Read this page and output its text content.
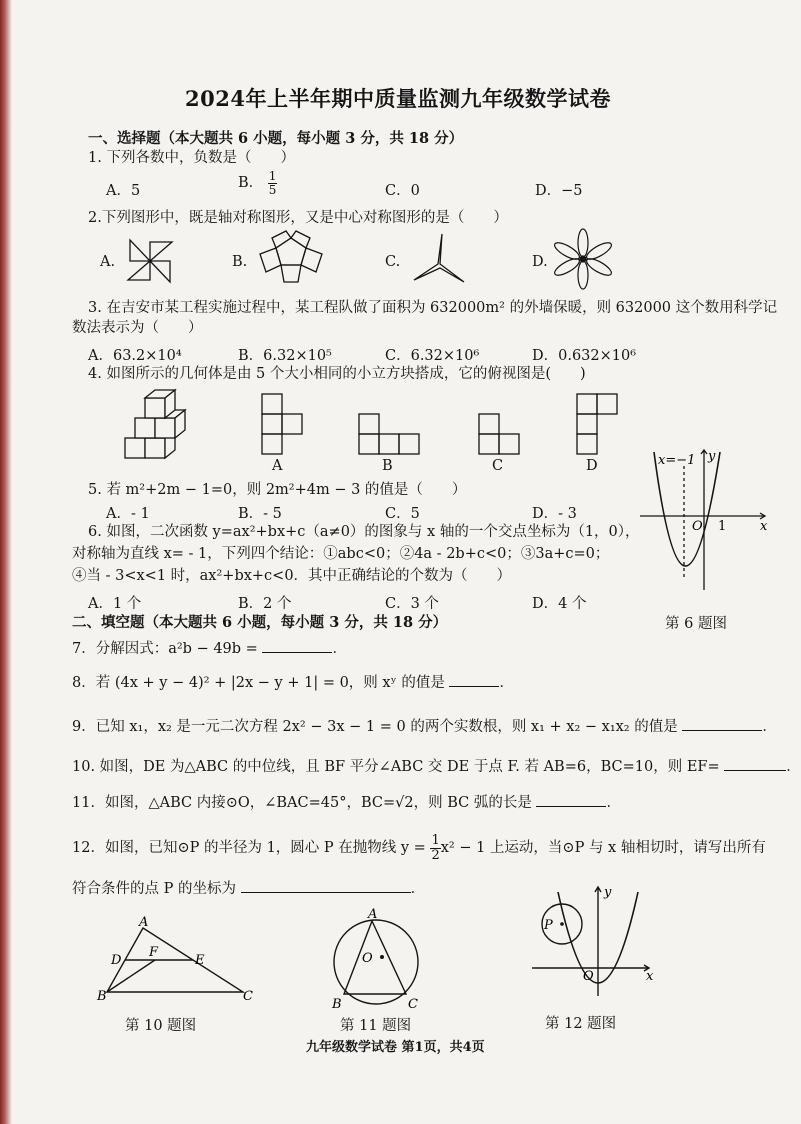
2024年上半年期中质量监测九年级数学试卷
一、选择题（本大题共 6 小题，每小题 3 分，共 18 分）
1. 下列各数中，负数是（　　）
A．5	B． $\frac{1}{5}$	C．0	D．−5
2.下列图形中，既是轴对称图形，又是中心对称图形的是（　　）
A.	B.	C.	D.
3. 在吉安市某工程实施过程中，某工程队做了面积为 632000m² 的外墙保暖，则 632000 这个数用科学记
数法表示为（　　）
A．63.2×10⁴	B．6.32×10⁵	C．6.32×10⁶	D．0.632×10⁶
4. 如图所示的几何体是由 5 个大小相同的小立方块搭成，它的俯视图是(　　)
A	B	C	D
5. 若 m²+2m − 1=0，则 2m²+4m − 3 的值是（　　）
A．- 1	B．- 5	C．5	D．- 3
6. 如图，二次函数 y=ax²+bx+c（a≠0）的图象与 x 轴的一个交点坐标为（1，0），
对称轴为直线 x= - 1，下列四个结论：①abc<0；②4a - 2b+c<0；③3a+c=0；
④当 - 3<x<1 时，ax²+bx+c<0．其中正确结论的个数为（　　）
A．1 个	B．2 个	C．3 个	D．4 个
x=−1 y
x
O 1
第 6 题图
二、填空题（本大题共 6 小题，每小题 3 分，共 18 分）
7．分解因式：a²b − 49b =	．
8．若 (4x + y − 4)² + |2x − y + 1| = 0，则 xʸ 的值是	．
9．已知 x₁，x₂ 是一元二次方程 2x² − 3x − 1 = 0 的两个实数根，则 x₁ + x₂ − x₁x₂ 的值是	．
10. 如图，DE 为△ABC 的中位线，且 BF 平分∠ABC 交 DE 于点 F. 若 AB=6，BC=10，则 EF=	．
11．如图，△ABC 内接⊙O，∠BAC=45°，BC=√2，则 BC 弧的长是	．
12．如图，已知⊙P 的半径为 1，圆心 P 在抛物线 $y = \frac{1}{2} x^2 - 1$ 上运动，当⊙P 与 x 轴相切时，请写出所有
符合条件的点 P 的坐标为	．
A
D
F
E
B	C
第 10 题图
A
O
B	C
第 11 题图
P
O	x
y
第 12 题图
九年级数学试卷 第1页，共4页
